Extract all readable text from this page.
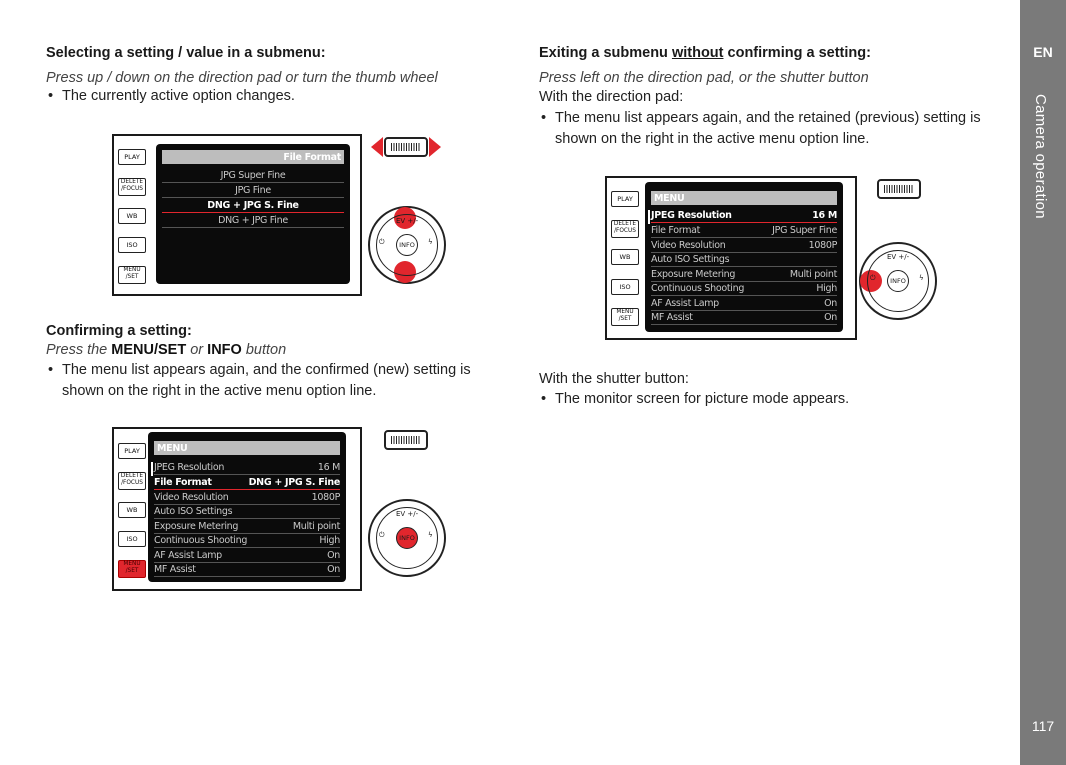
Selecting a setting / value in a submenu:

Press up / down on the direction pad or turn the thumb wheel

• The currently active option changes.

Confirming a setting:

Press the MENU/SET or INFO button

• The menu list appears again, and the confirmed (new) setting is shown on the right in the active menu option line.

Exiting a submenu without confirming a setting:

Press left on the direction pad, or the shutter button

With the direction pad:

• The menu list appears again, and the retained (previous) setting is shown on the right in the active menu option line.

With the shutter button:

• The monitor screen for picture mode appears.

PLAY
DELETE
/FOCUS
WB
ISO
MENU
/SET
File Format
JPG Super Fine
JPG Fine
DNG + JPG S. Fine
DNG + JPG Fine
INFO
EV +/-
⏻	ϟ
PLAY
DELETE
/FOCUS
WB
ISO
MENU
/SET
MENU
JPEG Resolution	16 M
File Format	DNG + JPG S. Fine
Video Resolution	1080P
Auto ISO Settings
Exposure Metering	Multi point
Continuous Shooting	High
AF Assist Lamp	On
MF Assist	On
INFO
EV +/-
⏻	ϟ
PLAY
DELETE
/FOCUS
WB
ISO
MENU
/SET
MENU
JPEG Resolution	16 M
File Format	JPG Super Fine
Video Resolution	1080P
Auto ISO Settings
Exposure Metering	Multi point
Continuous Shooting	High
AF Assist Lamp	On
MF Assist	On
INFO
EV +/-
⏻	ϟ
EN
Camera operation
117
